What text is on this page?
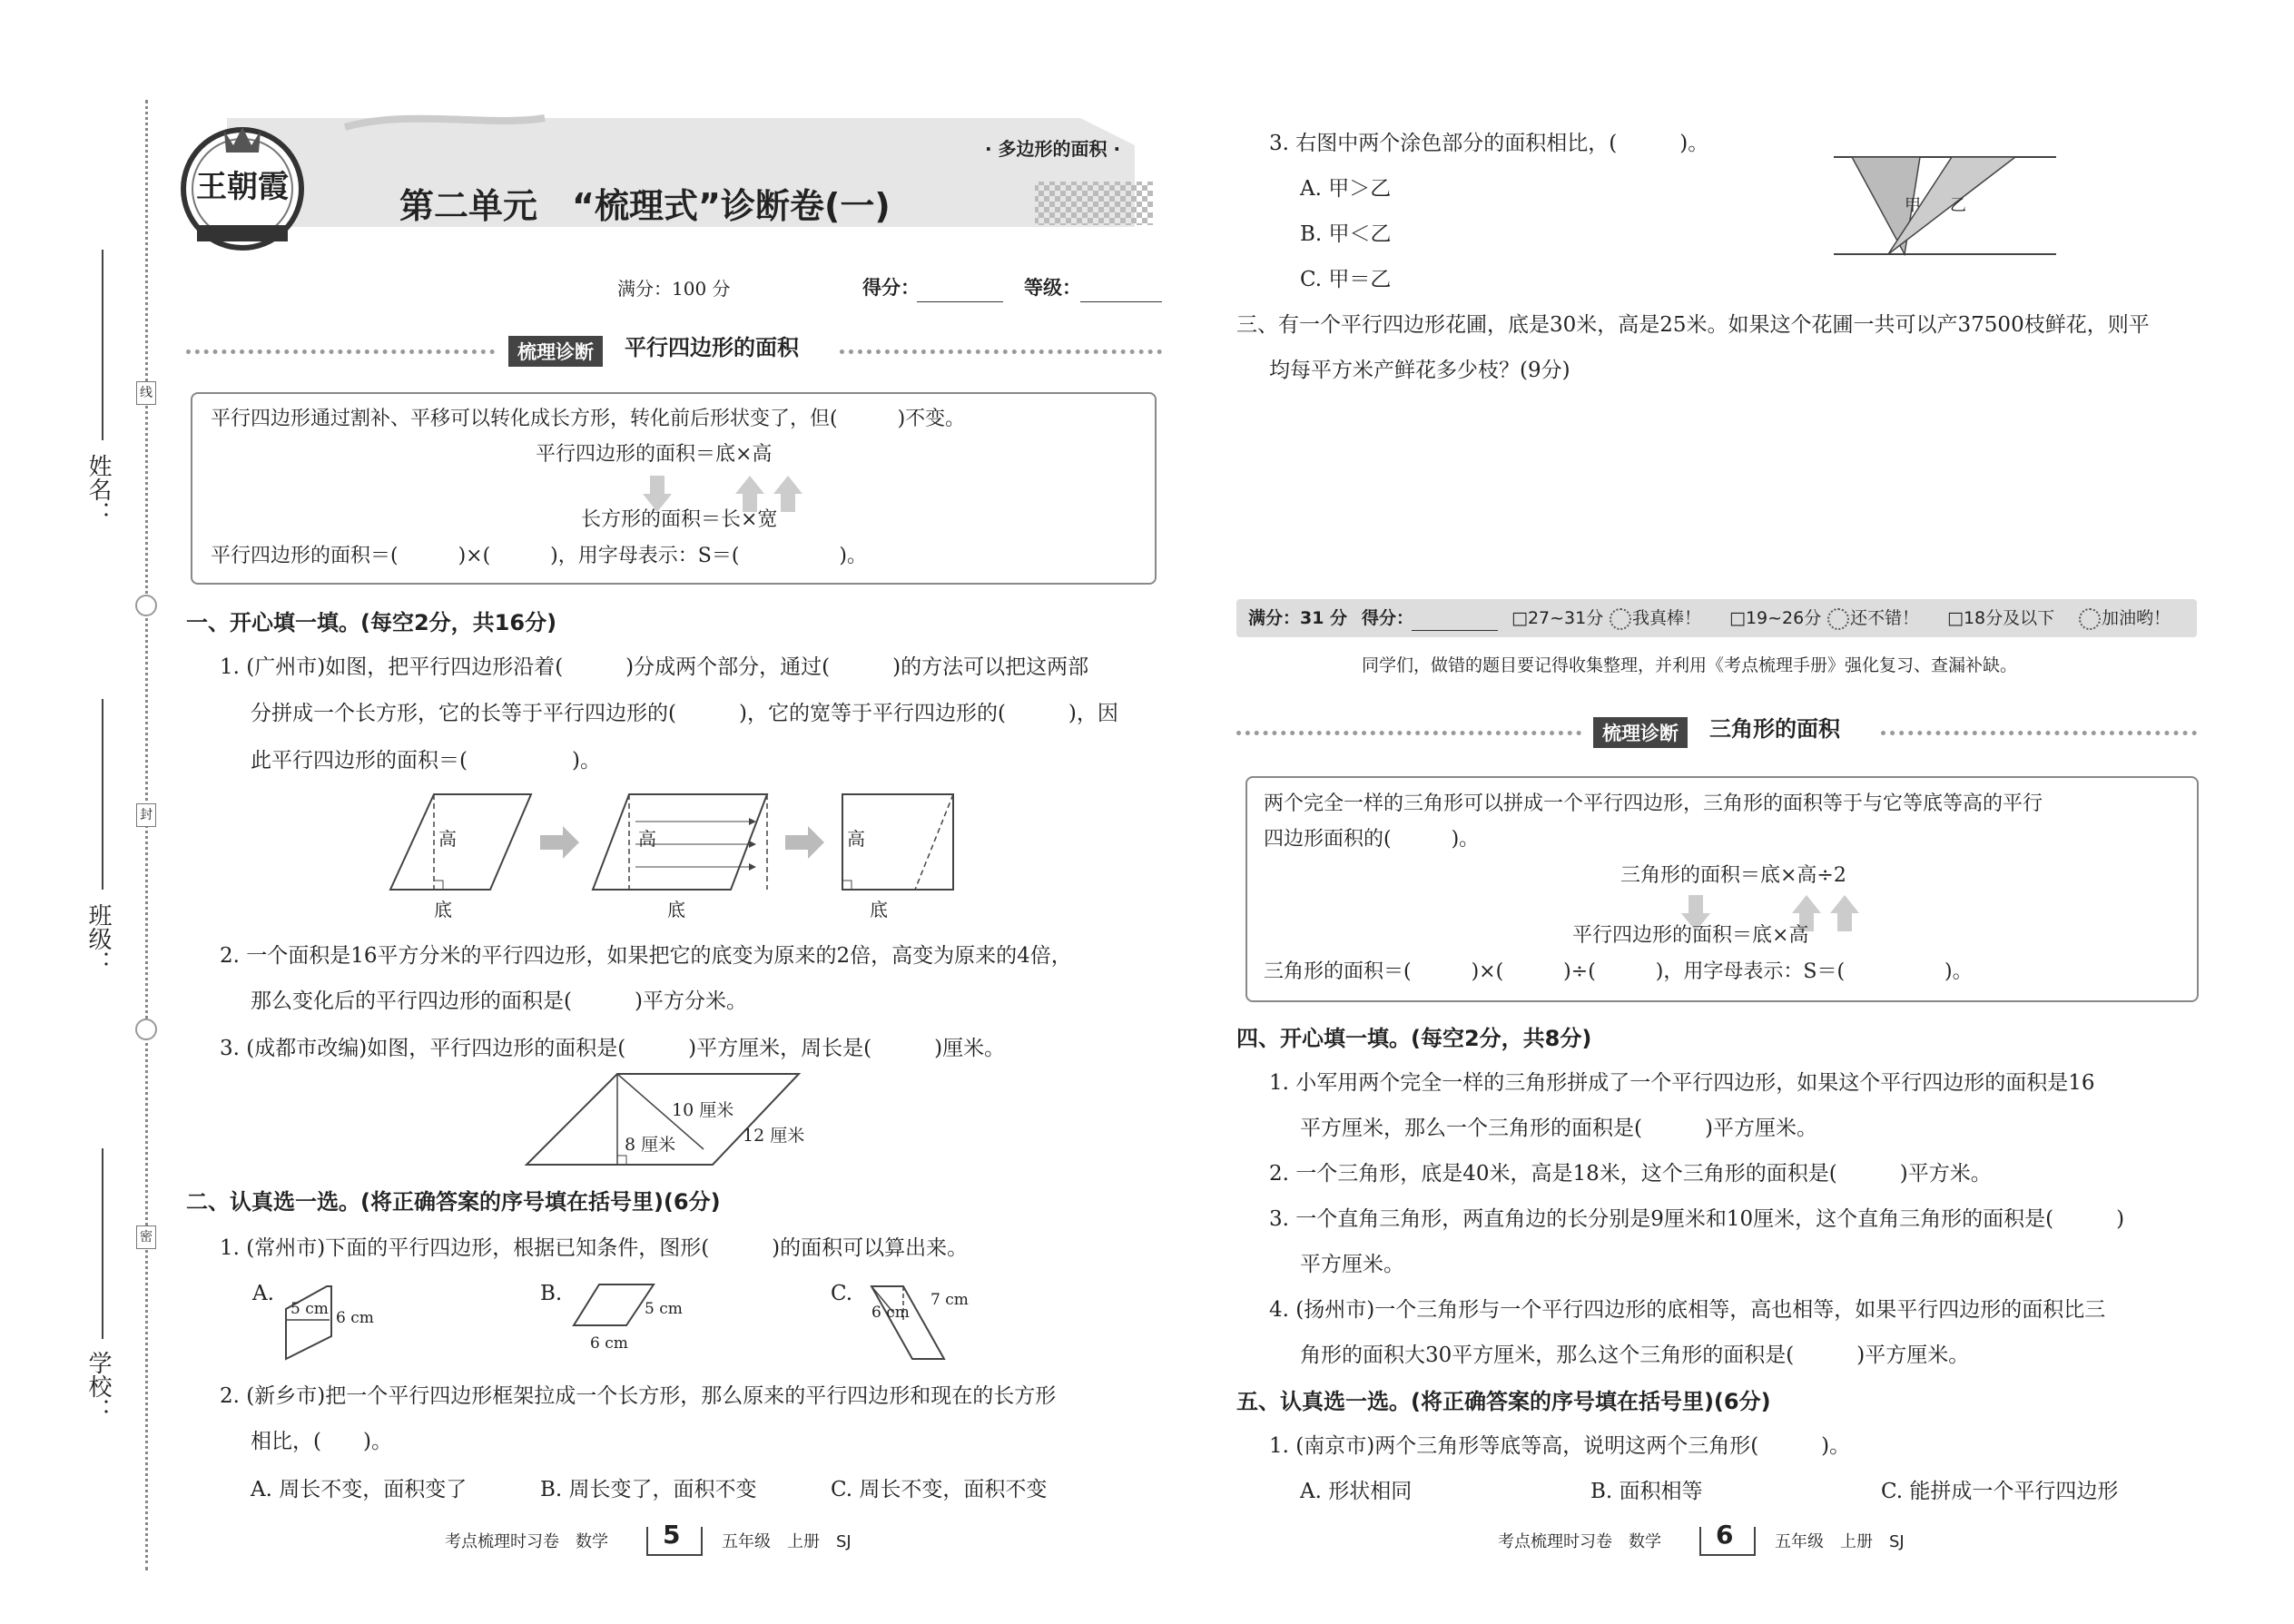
线
封
密
姓名：
班级：
学校：
王朝霞
· 多边形的面积 ·
第二单元　“梳理式”诊断卷(一)
满分：100 分	得分：	等级：
梳理诊断	平行四边形的面积
平行四边形通过割补、平移可以转化成长方形，转化前后形状变了，但(　　　)不变。
平行四边形的面积＝底×高
长方形的面积＝长×宽
平行四边形的面积＝(　　　)×(　　　)，用字母表示：S＝(　　　　　)。
一、开心填一填。(每空2分，共16分)
1. (广州市)如图，把平行四边形沿着(　　　)分成两个部分，通过(　　　)的方法可以把这两部
分拼成一个长方形，它的长等于平行四边形的(　　　)，它的宽等于平行四边形的(　　　)，因
此平行四边形的面积＝(　　　　　)。
高
底
高
底
高
底
2. 一个面积是16平方分米的平行四边形，如果把它的底变为原来的2倍，高变为原来的4倍，
那么变化后的平行四边形的面积是(　　　)平方分米。
3. (成都市改编)如图，平行四边形的面积是(　　　)平方厘米，周长是(　　　)厘米。
10 厘米
8 厘米	12 厘米
二、认真选一选。(将正确答案的序号填在括号里)(6分)
1. (常州市)下面的平行四边形，根据已知条件，图形(　　　)的面积可以算出来。
A.
5 cm 6 cm
B.
5 cm
6 cm
C.
6 cm
7 cm
2. (新乡市)把一个平行四边形框架拉成一个长方形，那么原来的平行四边形和现在的长方形
相比，(　　)。
A. 周长不变，面积变了	B. 周长变了，面积不变	C. 周长不变，面积不变
考点梳理时习卷　数学 5	五年级　上册　SJ
3. 右图中两个涂色部分的面积相比，(　　　)。
A. 甲＞乙
B. 甲＜乙
C. 甲＝乙
甲 乙
三、有一个平行四边形花圃，底是30米，高是25米。如果这个花圃一共可以产37500枝鲜花，则平
均每平方米产鲜花多少枝？(9分)
满分：31 分 得分：	□27~31分 我真棒！ □19~26分 还不错！ □18分及以下	加油哟！
同学们，做错的题目要记得收集整理，并利用《考点梳理手册》强化复习、查漏补缺。
梳理诊断	三角形的面积
两个完全一样的三角形可以拼成一个平行四边形，三角形的面积等于与它等底等高的平行
四边形面积的(　　　)。
三角形的面积＝底×高÷2
平行四边形的面积＝底×高
三角形的面积＝(　　　)×(　　　)÷(　　　)，用字母表示：S＝(　　　　　)。
四、开心填一填。(每空2分，共8分)
1. 小军用两个完全一样的三角形拼成了一个平行四边形，如果这个平行四边形的面积是16
平方厘米，那么一个三角形的面积是(　　　)平方厘米。
2. 一个三角形，底是40米，高是18米，这个三角形的面积是(　　　)平方米。
3. 一个直角三角形，两直角边的长分别是9厘米和10厘米，这个直角三角形的面积是(　　　)
平方厘米。
4. (扬州市)一个三角形与一个平行四边形的底相等，高也相等，如果平行四边形的面积比三
角形的面积大30平方厘米，那么这个三角形的面积是(　　　)平方厘米。
五、认真选一选。(将正确答案的序号填在括号里)(6分)
1. (南京市)两个三角形等底等高，说明这两个三角形(　　　)。
A. 形状相同	B. 面积相等	C. 能拼成一个平行四边形
考点梳理时习卷　数学 6	五年级　上册　SJ
